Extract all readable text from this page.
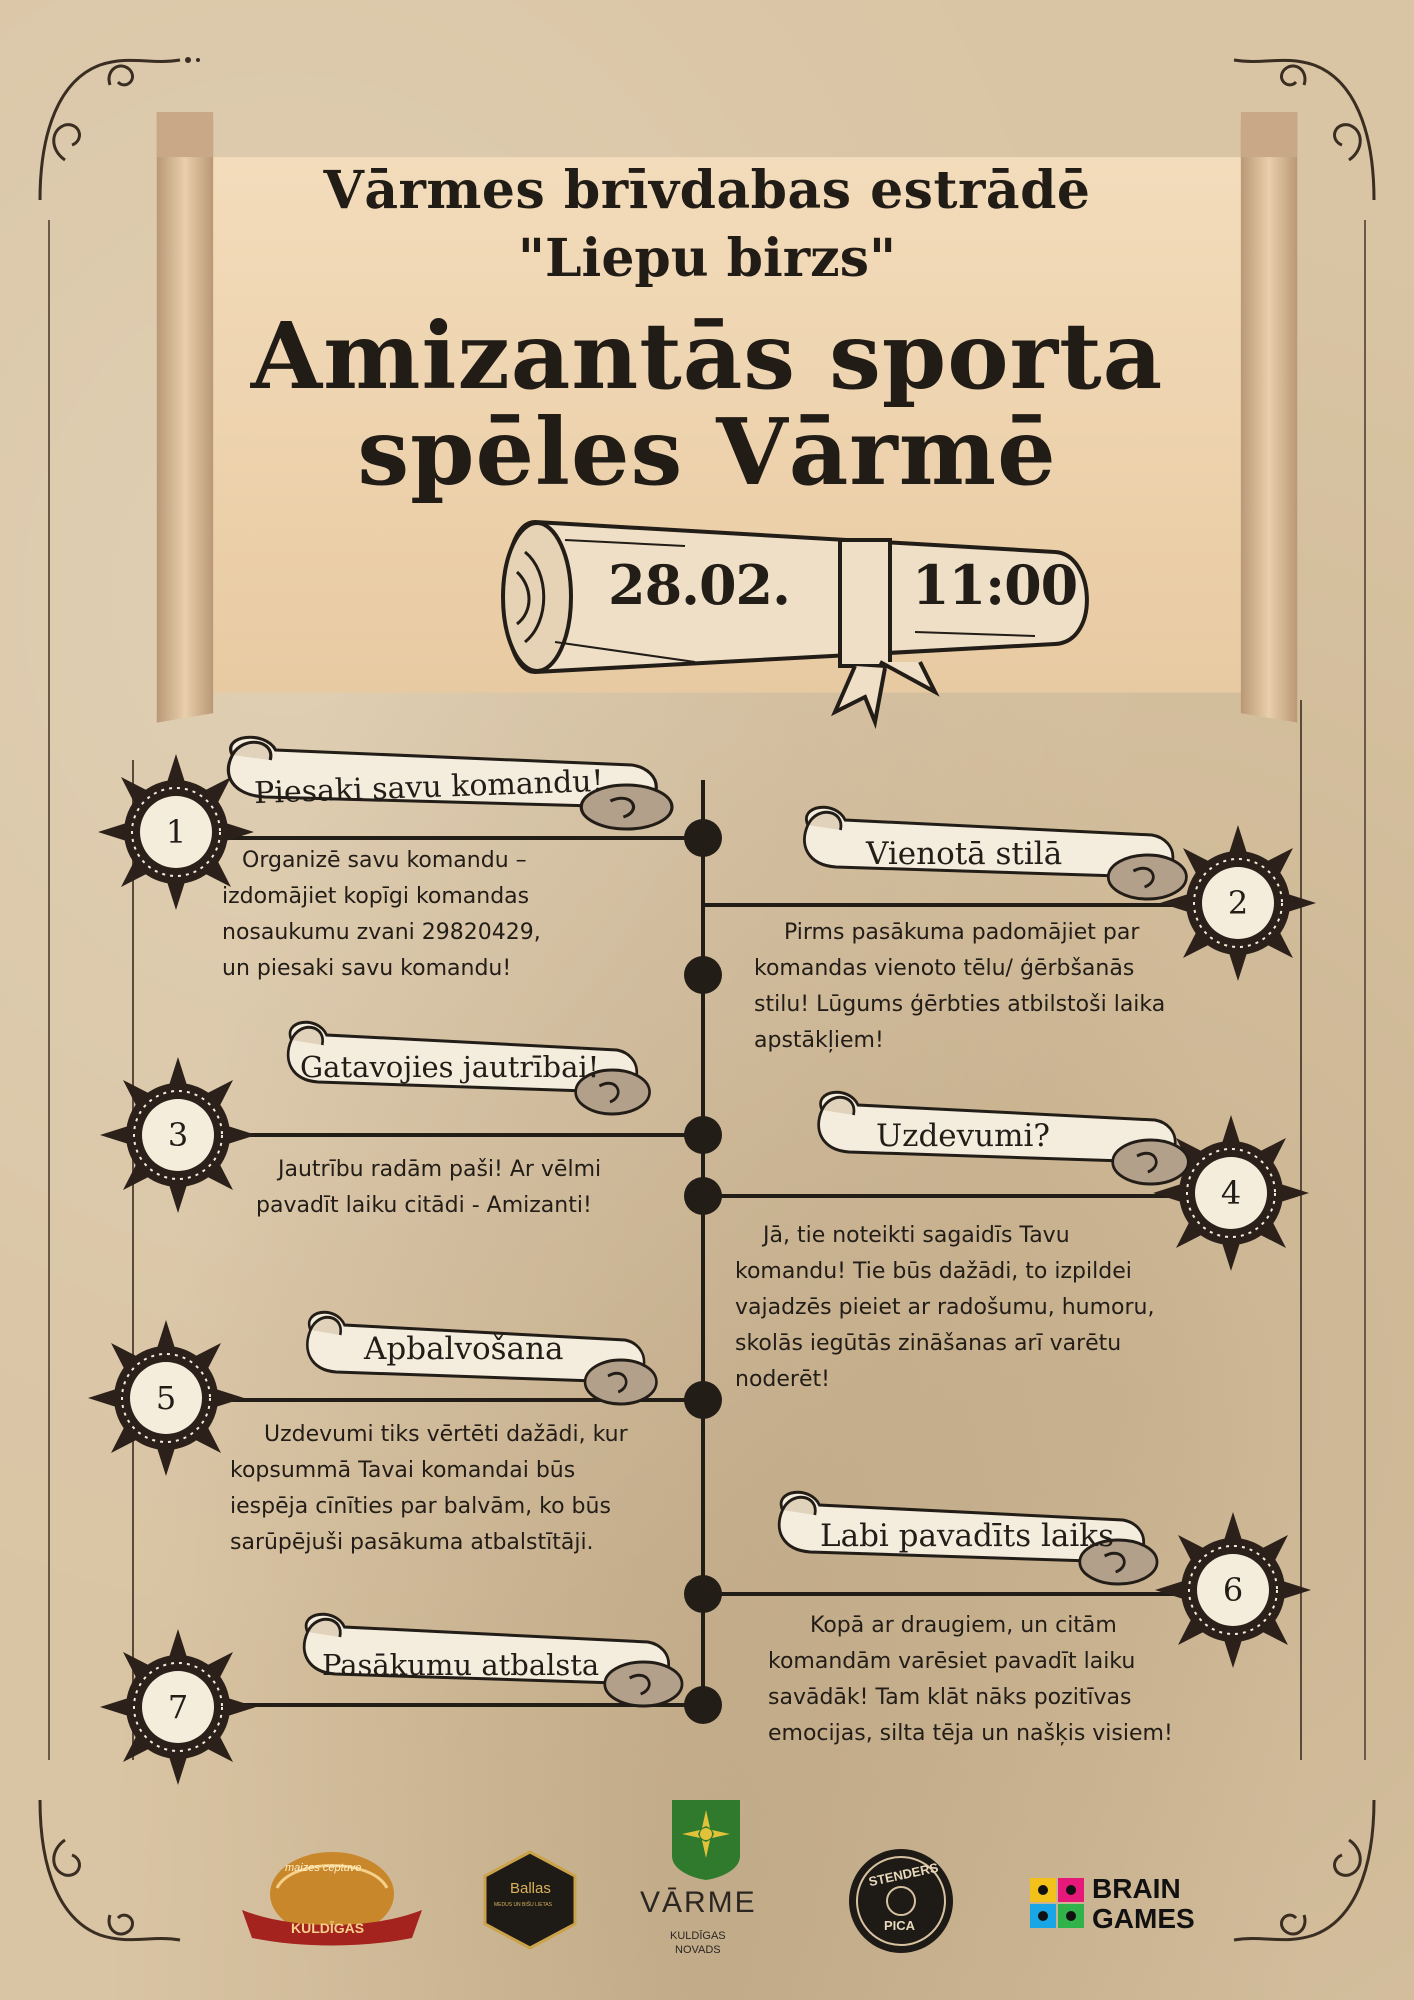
Vārmes brīvdabas estrādē
"Liepu birzs"
Amizantās sporta
spēles Vārmē
28.02. 11:00
1
2
3
4
5
6
7
Piesaki savu komandu!
Vienotā stilā
Gatavojies jautrībai!
Uzdevumi?
Apbalvošana
Labi pavadīts laiks
Pasākumu atbalsta
Organizē savu komandu –
izdomājiet kopīgi komandas
nosaukumu zvani 29820429,
un piesaki savu komandu!
Pirms pasākuma padomājiet par
komandas vienoto tēlu/ ģērbšanās
stilu! Lūgums ģērbties atbilstoši laika
apstākļiem!
Jautrību radām paši! Ar vēlmi
pavadīt laiku citādi - Amizanti!
Jā, tie noteikti sagaidīs Tavu
komandu! Tie būs dažādi, to izpildei
vajadzēs pieiet ar radošumu, humoru,
skolās iegūtās zināšanas arī varētu
noderēt!
Uzdevumi tiks vērtēti dažādi, kur
kopsummā Tavai komandai būs
iespēja cīnīties par balvām, ko būs
sarūpējuši pasākuma atbalstītāji.
Kopā ar draugiem, un citām
komandām varēsiet pavadīt laiku
savādāk! Tam klāt nāks pozitīvas
emocijas, silta tēja un našķis visiem!
maizes ceptuve
KULDĪGAS
Ballas
MEDUS UN BIŠU LIETAS	VĀRME
KULDĪGAS
NOVADS
STENDERS
PICA
BRAIN
GAMES
